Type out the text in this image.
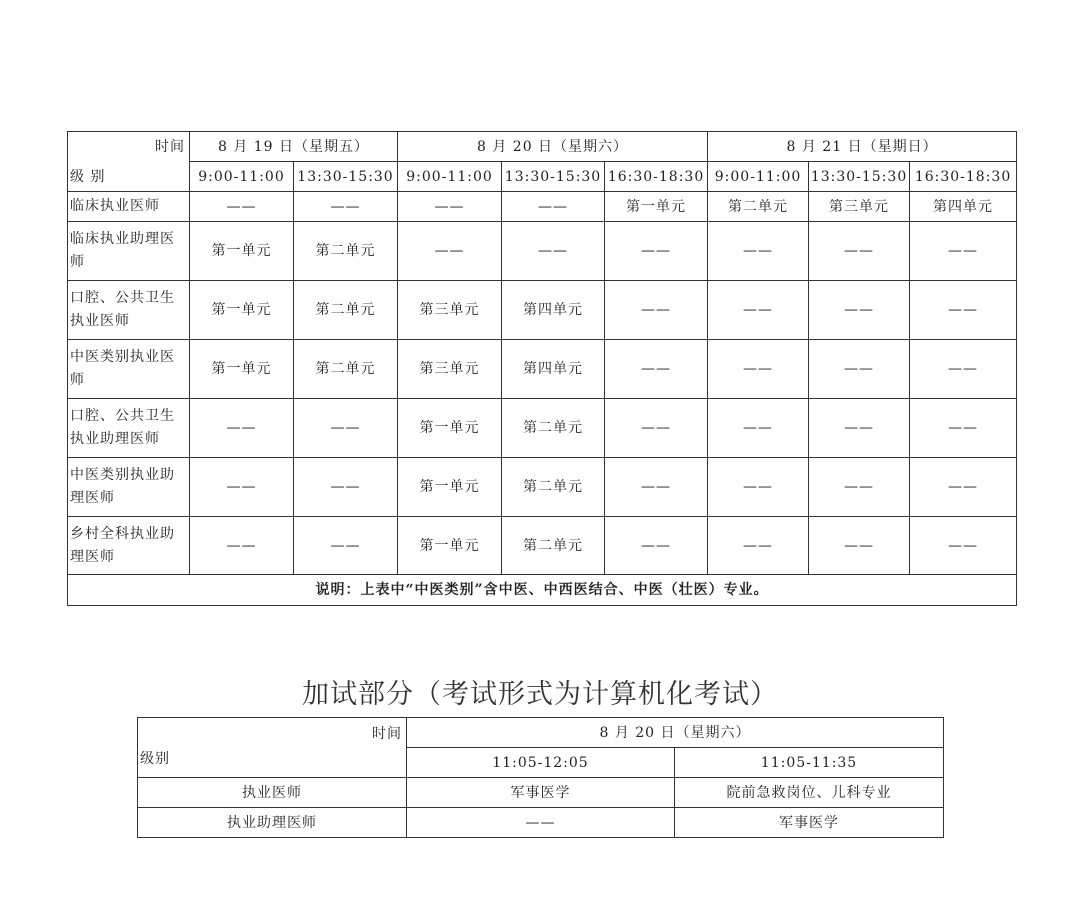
时间
级 别	8 月 19 日（星期五）		8 月 20 日（星期六）			8 月 21 日（星期日）		
	9:00-11:00	13:30-15:30	9:00-11:00	13:30-15:30	16:30-18:30	9:00-11:00	13:30-15:30	16:30-18:30
临床执业医师	——	——	——	——	第一单元	第二单元	第三单元	第四单元
临床执业助理医师	第一单元	第二单元	——	——	——	——	——	——
口腔、公共卫生执业医师	第一单元	第二单元	第三单元	第四单元	——	——	——	——
中医类别执业医师	第一单元	第二单元	第三单元	第四单元	——	——	——	——
口腔、公共卫生执业助理医师	——	——	第一单元	第二单元	——	——	——	——
中医类别执业助理医师	——	——	第一单元	第二单元	——	——	——	——
乡村全科执业助理医师	——	——	第一单元	第二单元	——	——	——	——
说明：上表中“中医类别”含中医、中西医结合、中医（壮医）专业。								
加试部分（考试形式为计算机化考试）
时间
级别	8 月 20 日（星期六）	
	11:05-12:05	11:05-11:35
执业医师	军事医学	院前急救岗位、儿科专业
执业助理医师	——	军事医学
